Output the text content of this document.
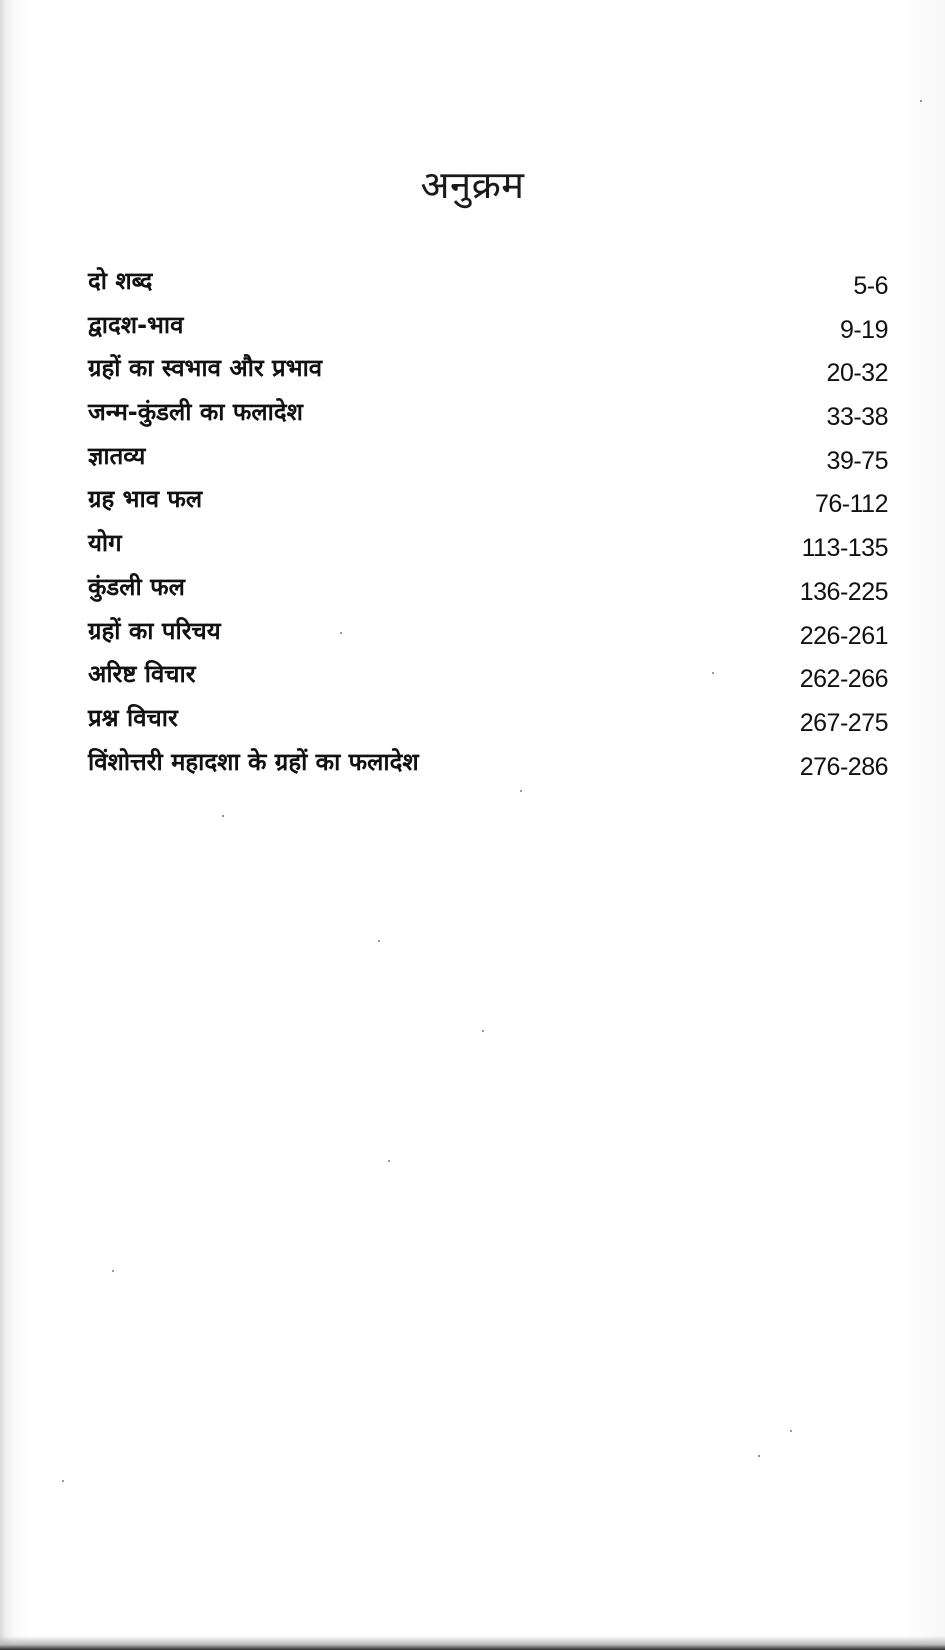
अनुक्रम
दो शब्द	5-6
द्वादश-भाव	9-19
ग्रहों का स्वभाव और प्रभाव	20-32
जन्म-कुंडली का फलादेश	33-38
ज्ञातव्य	39-75
ग्रह भाव फल	76-112
योग	113-135
कुंडली फल	136-225
ग्रहों का परिचय	226-261
अरिष्ट विचार	262-266
प्रश्न विचार	267-275
विंशोत्तरी महादशा के ग्रहों का फलादेश	276-286
